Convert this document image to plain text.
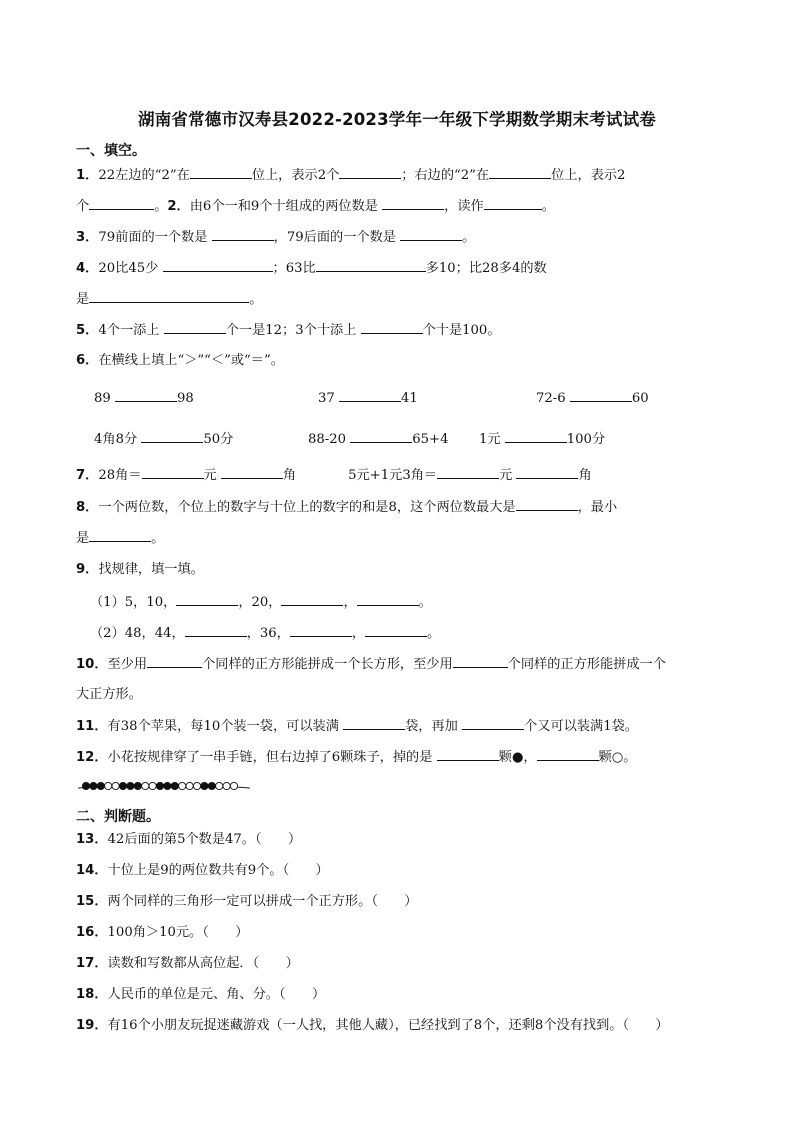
湖南省常德市汉寿县2022-2023学年一年级下学期数学期末考试试卷
一、填空。
1．22左边的“2”在	位上，表示2个	；右边的“2”在	位上，表示2
个	。2．由6个一和9个十组成的两位数是	，读作	。
3．79前面的一个数是	，79后面的一个数是	。
4．20比45少	；63比	多10；比28多4的数
是	。
5．4个一添上	个一是12；3个十添上	个十是100。
6．在横线上填上“＞”“＜”或“＝”。
89	98	37	41	72-6	60
4角8分	50分	88-20	65+4 1元	100分
7．28角＝	元	角	5元+1元3角＝	元	角
8．一个两位数，个位上的数字与十位上的数字的和是8，这个两位数最大是	，最小
是	。
9．找规律，填一填。
（1）5，10，	，20，	，	。
（2）48，44，	，36，	，	。
10．至少用	个同样的正方形能拼成一个长方形，至少用	个同样的正方形能拼成一个
大正方形。
11．有38个苹果，每10个装一袋，可以装满	袋，再加	个又可以装满1袋。
12．小花按规律穿了一串手链，但右边掉了6颗珠子，掉的是	颗●，	颗○。
二、判断题。
13．42后面的第5个数是47。（　　）
14．十位上是9的两位数共有9个。（　　）
15．两个同样的三角形一定可以拼成一个正方形。（　　）
16．100角＞10元。（　　）
17．读数和写数都从高位起．（　　）
18．人民币的单位是元、角、分。（　　）
19．有16个小朋友玩捉迷藏游戏（一人找，其他人藏），已经找到了8个，还剩8个没有找到。（　　）
